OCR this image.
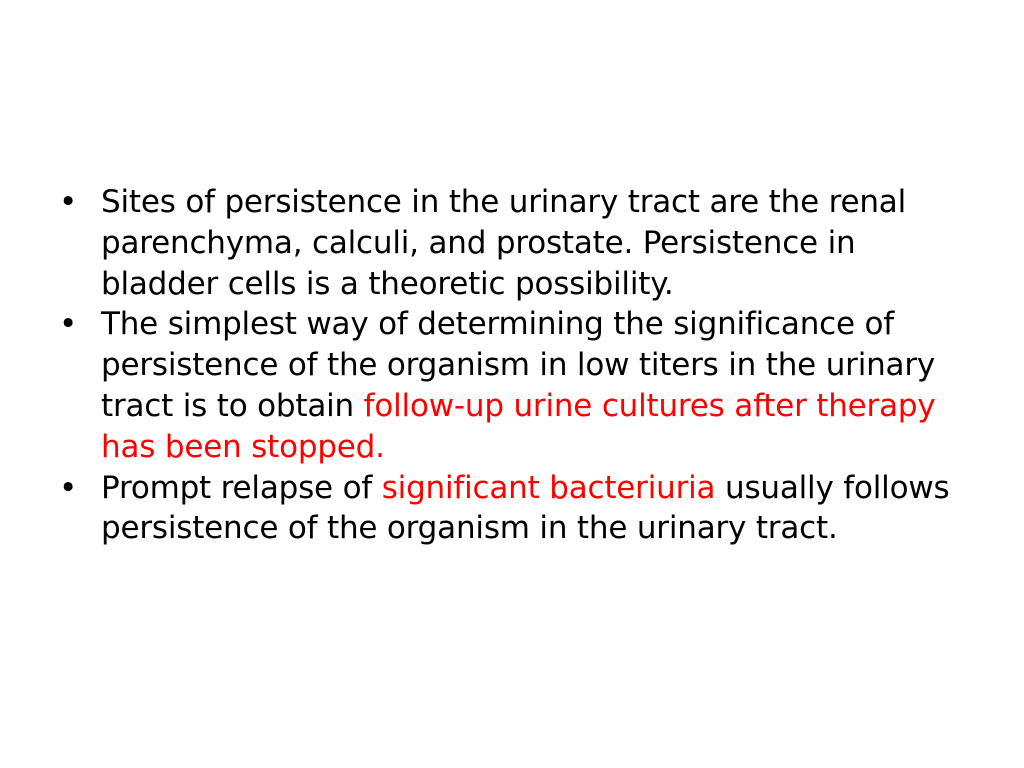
• Sites of persistence in the urinary tract are the renal parenchyma, calculi, and prostate. Persistence in bladder cells is a theoretic possibility.
• The simplest way of determining the significance of persistence of the organism in low titers in the urinary tract is to obtain follow-up urine cultures after therapy has been stopped.
• Prompt relapse of significant bacteriuria usually follows persistence of the organism in the urinary tract.
